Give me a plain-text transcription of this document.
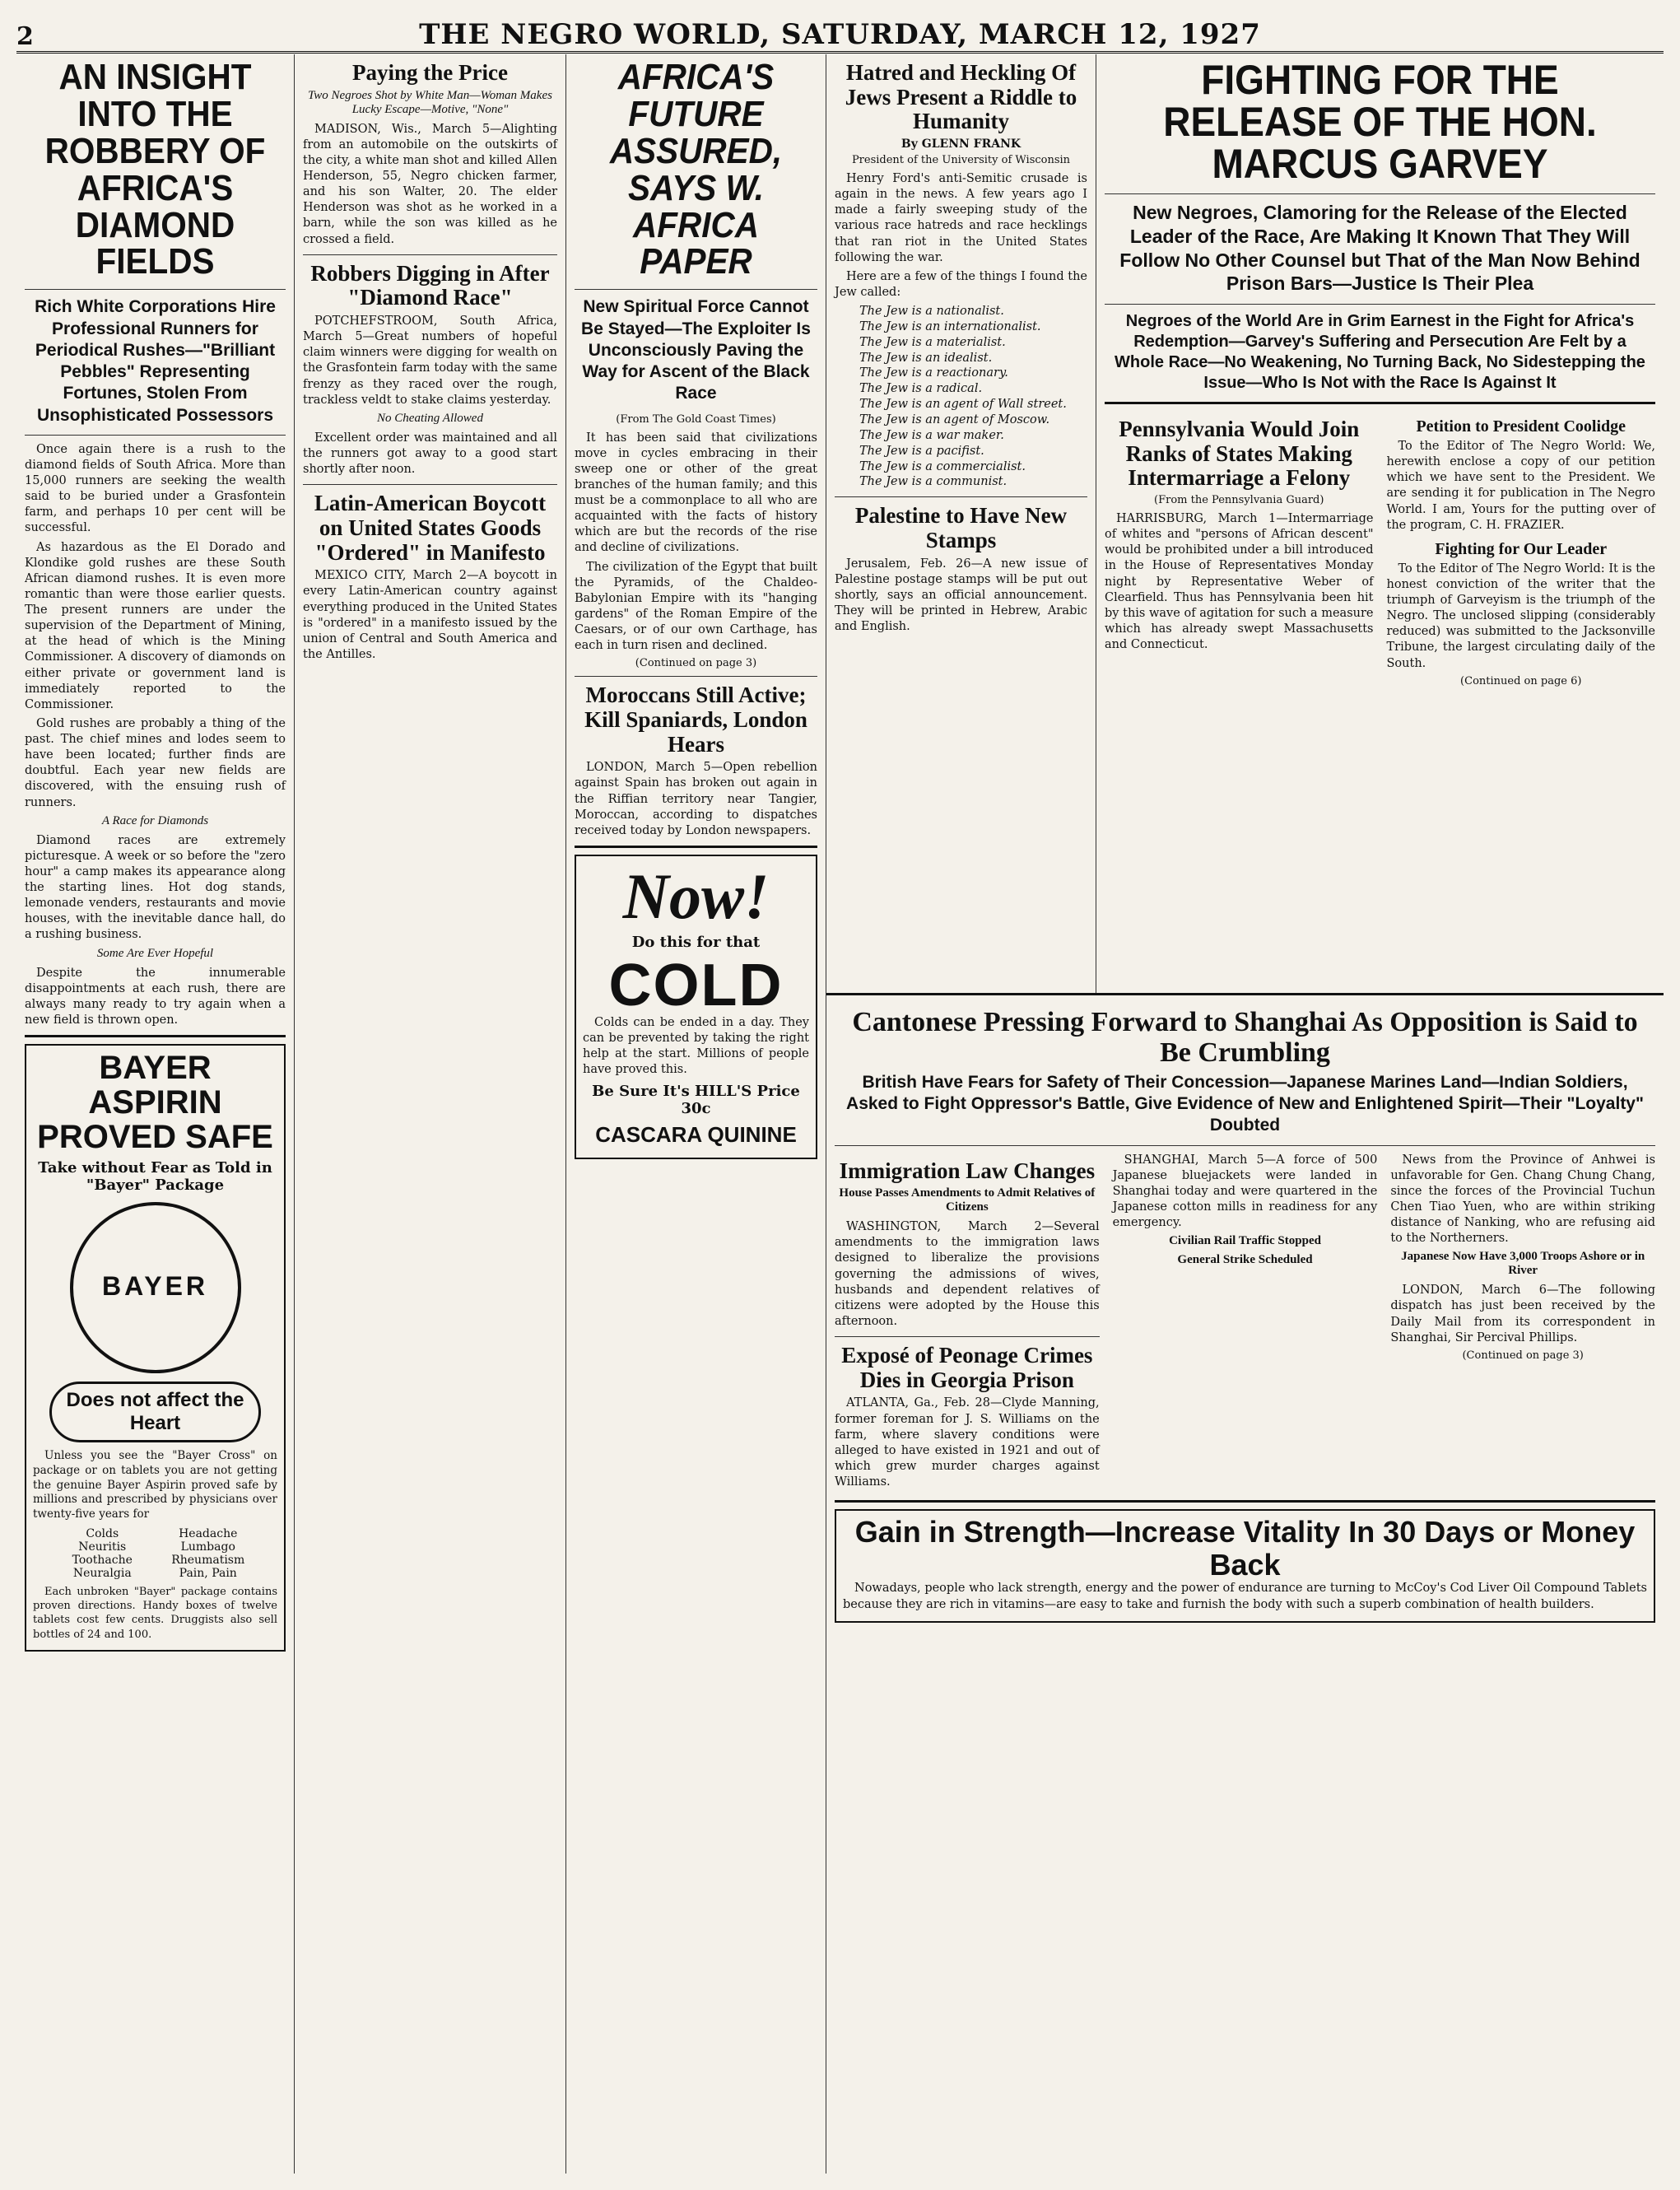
2	THE NEGRO WORLD, SATURDAY, MARCH 12, 1927
AN INSIGHT INTO THE ROBBERY OF AFRICA'S DIAMOND FIELDS
Rich White Corporations Hire Professional Runners for Periodical Rushes—"Brilliant Pebbles" Representing Fortunes, Stolen From Unsophisticated Possessors

Once again there is a rush to the diamond fields of South Africa. More than 15,000 runners are seeking the wealth said to be buried under a Grasfontein farm, and perhaps 10 per cent will be successful.

As hazardous as the El Dorado and Klondike gold rushes are these South African diamond rushes. It is even more romantic than were those earlier quests. The present runners are under the supervision of the Department of Mining, at the head of which is the Mining Commissioner. A discovery of diamonds on either private or government land is immediately reported to the Commissioner.

Gold rushes are probably a thing of the past. The chief mines and lodes seem to have been located; further finds are doubtful. Each year new fields are discovered, with the ensuing rush of runners.

A Race for Diamonds

Diamond races are extremely picturesque. A week or so before the "zero hour" a camp makes its appearance along the starting lines. Hot dog stands, lemonade venders, restaurants and movie houses, with the inevitable dance hall, do a rushing business.

Some Are Ever Hopeful

Despite the innumerable disappointments at each rush, there are always many ready to try again when a new field is thrown open.

BAYER ASPIRIN PROVED SAFE
Take without Fear as Told in "Bayer" Package
BAYER
Does not affect the Heart

Unless you see the "Bayer Cross" on package or on tablets you are not getting the genuine Bayer Aspirin proved safe by millions and prescribed by physicians over twenty-five years for

Colds	Headache
Neuritis	Lumbago
Toothache	Rheumatism
Neuralgia	Pain, Pain

Each unbroken "Bayer" package contains proven directions. Handy boxes of twelve tablets cost few cents. Druggists also sell bottles of 24 and 100.

Paying the Price
Two Negroes Shot by White Man—Woman Makes Lucky Escape—Motive, "None"

MADISON, Wis., March 5—Alighting from an automobile on the outskirts of the city, a white man shot and killed Allen Henderson, 55, Negro chicken farmer, and his son Walter, 20. The elder Henderson was shot as he worked in a barn, while the son was killed as he crossed a field.

Robbers Digging in After "Diamond Race"

POTCHEFSTROOM, South Africa, March 5—Great numbers of hopeful claim winners were digging for wealth on the Grasfontein farm today with the same frenzy as they raced over the rough, trackless veldt to stake claims yesterday.

No Cheating Allowed

Excellent order was maintained and all the runners got away to a good start shortly after noon.

Latin-American Boycott on United States Goods "Ordered" in Manifesto

MEXICO CITY, March 2—A boycott in every Latin-American country against everything produced in the United States is "ordered" in a manifesto issued by the union of Central and South America and the Antilles.

AFRICA'S FUTURE ASSURED, SAYS W. AFRICA PAPER
New Spiritual Force Cannot Be Stayed—The Exploiter Is Unconsciously Paving the Way for Ascent of the Black Race
(From The Gold Coast Times)

It has been said that civilizations move in cycles embracing in their sweep one or other of the great branches of the human family; and this must be a commonplace to all who are acquainted with the facts of history which are but the records of the rise and decline of civilizations.

The civilization of the Egypt that built the Pyramids, of the Chaldeo-Babylonian Empire with its "hanging gardens" of the Roman Empire of the Caesars, or of our own Carthage, has each in turn risen and declined.

(Continued on page 3)
Moroccans Still Active; Kill Spaniards, London Hears

LONDON, March 5—Open rebellion against Spain has broken out again in the Riffian territory near Tangier, Moroccan, according to dispatches received today by London newspapers.

Now!
Do this for that
COLD

Colds can be ended in a day. They can be prevented by taking the right help at the start. Millions of people have proved this.

Be Sure It's HILL'S Price 30c
CASCARA QUININE
Hatred and Heckling Of Jews Present a Riddle to Humanity
By GLENN FRANK
President of the University of Wisconsin

Henry Ford's anti-Semitic crusade is again in the news. A few years ago I made a fairly sweeping study of the various race hatreds and race hecklings that ran riot in the United States following the war.

Here are a few of the things I found the Jew called:

The Jew is a nationalist.
The Jew is an internationalist.
The Jew is a materialist.
The Jew is an idealist.
The Jew is a reactionary.
The Jew is a radical.
The Jew is an agent of Wall street.
The Jew is an agent of Moscow.
The Jew is a war maker.
The Jew is a pacifist.
The Jew is a commercialist.
The Jew is a communist.
Palestine to Have New Stamps

Jerusalem, Feb. 26—A new issue of Palestine postage stamps will be put out shortly, says an official announcement. They will be printed in Hebrew, Arabic and English.

FIGHTING FOR THE RELEASE OF THE HON. MARCUS GARVEY
New Negroes, Clamoring for the Release of the Elected Leader of the Race, Are Making It Known That They Will Follow No Other Counsel but That of the Man Now Behind Prison Bars—Justice Is Their Plea
Negroes of the World Are in Grim Earnest in the Fight for Africa's Redemption—Garvey's Suffering and Persecution Are Felt by a Whole Race—No Weakening, No Turning Back, No Sidestepping the Issue—Who Is Not with the Race Is Against It
Pennsylvania Would Join Ranks of States Making Intermarriage a Felony
(From the Pennsylvania Guard)

HARRISBURG, March 1—Intermarriage of whites and "persons of African descent" would be prohibited under a bill introduced in the House of Representatives Monday night by Representative Weber of Clearfield. Thus has Pennsylvania been hit by this wave of agitation for such a measure which has already swept Massachusetts and Connecticut.

Petition to President Coolidge

To the Editor of The Negro World: We, herewith enclose a copy of our petition which we have sent to the President. We are sending it for publication in The Negro World. I am, Yours for the putting over of the program, C. H. FRAZIER.

Fighting for Our Leader

To the Editor of The Negro World: It is the honest conviction of the writer that the triumph of Garveyism is the triumph of the Negro. The unclosed slipping (considerably reduced) was submitted to the Jacksonville Tribune, the largest circulating daily of the South.

(Continued on page 6)
Cantonese Pressing Forward to Shanghai As Opposition is Said to Be Crumbling
British Have Fears for Safety of Their Concession—Japanese Marines Land—Indian Soldiers, Asked to Fight Oppressor's Battle, Give Evidence of New and Enlightened Spirit—Their "Loyalty" Doubted
Immigration Law Changes
House Passes Amendments to Admit Relatives of Citizens

WASHINGTON, March 2—Several amendments to the immigration laws designed to liberalize the provisions governing the admissions of wives, husbands and dependent relatives of citizens were adopted by the House this afternoon.

Exposé of Peonage Crimes Dies in Georgia Prison

ATLANTA, Ga., Feb. 28—Clyde Manning, former foreman for J. S. Williams on the farm, where slavery conditions were alleged to have existed in 1921 and out of which grew murder charges against Williams.

SHANGHAI, March 5—A force of 500 Japanese bluejackets were landed in Shanghai today and were quartered in the Japanese cotton mills in readiness for any emergency.

Civilian Rail Traffic Stopped
General Strike Scheduled

News from the Province of Anhwei is unfavorable for Gen. Chang Chung Chang, since the forces of the Provincial Tuchun Chen Tiao Yuen, who are within striking distance of Nanking, who are refusing aid to the Northerners.

Japanese Now Have 3,000 Troops Ashore or in River

LONDON, March 6—The following dispatch has just been received by the Daily Mail from its correspondent in Shanghai, Sir Percival Phillips.

(Continued on page 3)
Gain in Strength—Increase Vitality In 30 Days or Money Back

Nowadays, people who lack strength, energy and the power of endurance are turning to McCoy's Cod Liver Oil Compound Tablets because they are rich in vitamins—are easy to take and furnish the body with such a superb combination of health builders.
